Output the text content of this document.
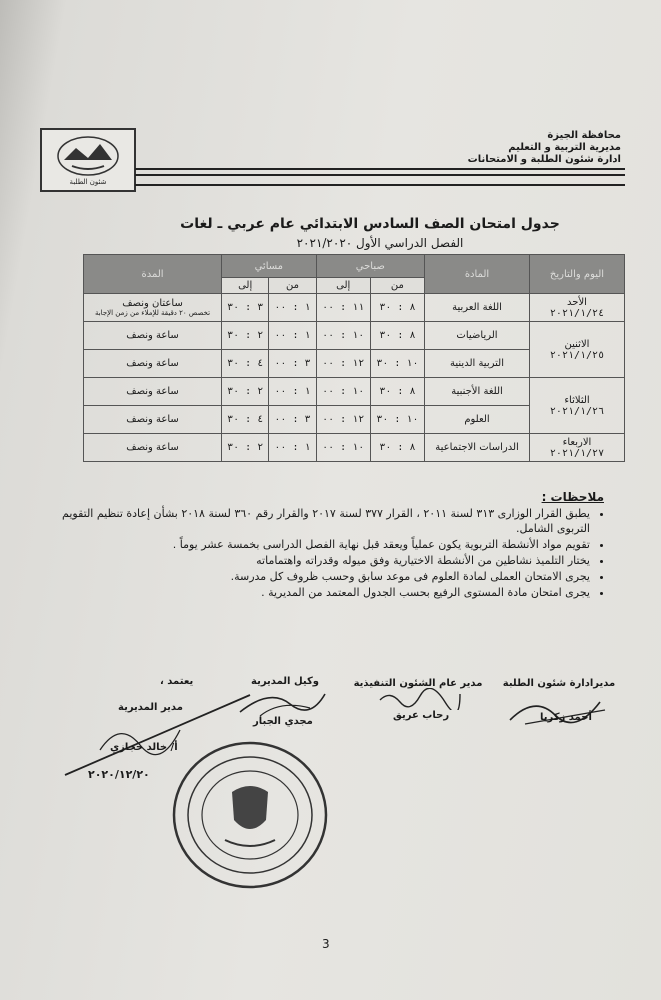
شئون الطلبة
محافظة الجيزة
مديرية التربية و التعليم
ادارة شئون الطلبة و الامتحانات
جدول امتحان الصف السادس الابتدائي عام عربي ـ لغات
الفصل الدراسي الأول ٢٠٢١/٢٠٢٠
اليوم والتاريخ	المادة	صباحي		مسائي		المدة
		من	إلى	من	إلى	
الأحد
٢٠٢١/١/٢٤	اللغة العربية	٨ : ٣٠	١١ : ٠٠	١ : ٠٠	٣ : ٣٠	ساعتان ونصف
تخصص ٢٠ دقيقة للإملاء من زمن الإجابة

الاثنين
٢٠٢١/١/٢٥	الرياضيات	٨ : ٣٠	١٠ : ٠٠	١ : ٠٠	٢ : ٣٠	ساعة ونصف
	التربية الدينية	١٠ : ٣٠	١٢ : ٠٠	٣ : ٠٠	٤ : ٣٠	ساعة ونصف
الثلاثاء
٢٠٢١/١/٢٦	اللغة الأجنبية	٨ : ٣٠	١٠ : ٠٠	١ : ٠٠	٢ : ٣٠	ساعة ونصف
	العلوم	١٠ : ٣٠	١٢ : ٠٠	٣ : ٠٠	٤ : ٣٠	ساعة ونصف
الاربعاء
٢٠٢١/١/٢٧	الدراسات الاجتماعية	٨ : ٣٠	١٠ : ٠٠	١ : ٠٠	٢ : ٣٠	ساعة ونصف
ملاحظات :
• يطبق القرار الوزارى ٣١٣ لسنة ٢٠١١ ، القرار ٣٧٧ لسنة ٢٠١٧ والقرار رقم ٣٦٠ لسنة ٢٠١٨ بشأن إعادة تنظيم التقويم التربوى الشامل.
• تقويم مواد الأنشطة التربوية يكون عملياً ويعقد قبل نهاية الفصل الدراسى بخمسة عشر يوماً .
• يختار التلميذ نشاطين من الأنشطة الاختيارية وفق ميوله وقدراته واهتماماته
• يجرى الامتحان العملى لمادة العلوم فى موعد سابق وحسب ظروف كل مدرسة.
• يجرى امتحان مادة المستوى الرفيع بحسب الجدول المعتمد من المديرية .
مديرادارة شئون الطلبة
أحمد زكريا
مدير عام الشئون التنفيذية
رحاب عريق
وكيل المديرية
مجدي الجبار
يعتمد ،
مدير المديرية
أ/ خالد حجازي
٢٠٢٠/١٢/٢٠
3
